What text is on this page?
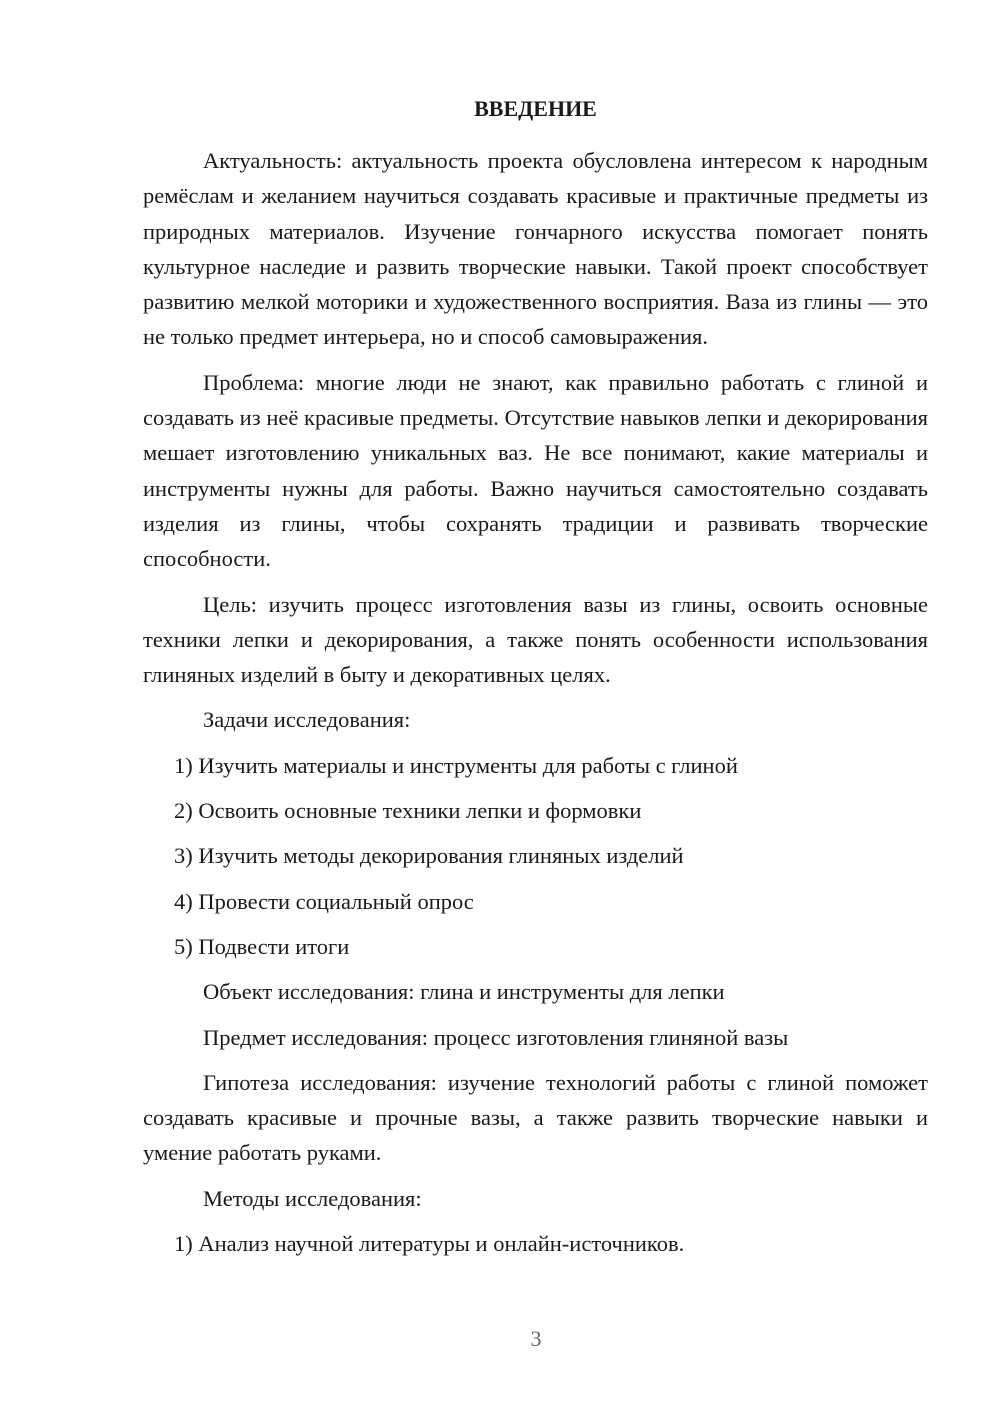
ВВЕДЕНИЕ

Актуальность: актуальность проекта обусловлена интересом к народным ремёслам и желанием научиться создавать красивые и практичные предметы из природных материалов. Изучение гончарного искусства помогает понять культурное наследие и развить творческие навыки. Такой проект способствует развитию мелкой моторики и художественного восприятия. Ваза из глины — это не только предмет интерьера, но и способ самовыражения.

Проблема: многие люди не знают, как правильно работать с глиной и создавать из неё красивые предметы. Отсутствие навыков лепки и декорирования мешает изготовлению уникальных ваз. Не все понимают, какие материалы и инструменты нужны для работы. Важно научиться самостоятельно создавать изделия из глины, чтобы сохранять традиции и развивать творческие способности.

Цель: изучить процесс изготовления вазы из глины, освоить основные техники лепки и декорирования, а также понять особенности использования глиняных изделий в быту и декоративных целях.

Задачи исследования:
1) Изучить материалы и инструменты для работы с глиной
2) Освоить основные техники лепки и формовки
3) Изучить методы декорирования глиняных изделий
4) Провести социальный опрос
5) Подвести итоги
Объект исследования: глина и инструменты для лепки
Предмет исследования: процесс изготовления глиняной вазы

Гипотеза исследования: изучение технологий работы с глиной поможет создавать красивые и прочные вазы, а также развить творческие навыки и умение работать руками.

Методы исследования:
1) Анализ научной литературы и онлайн-источников.
3
